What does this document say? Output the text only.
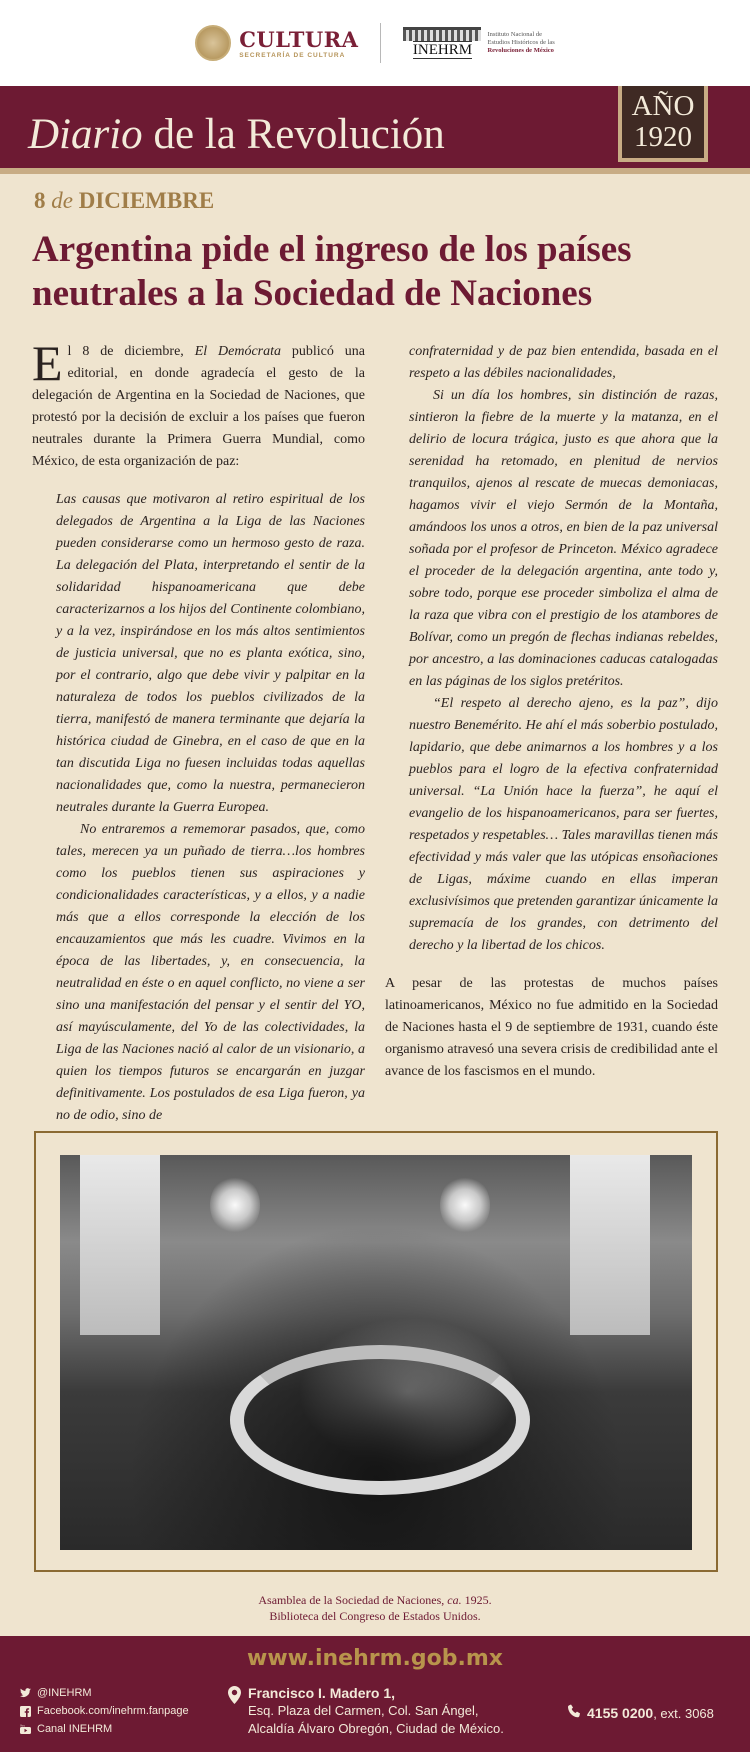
CULTURA
SECRETARÍA DE CULTURA	INEHRM
Instituto Nacional de
Estudios Históricos de las
Revoluciones de México
Diario de la Revolución
AÑO
1920
8 de DICIEMBRE
Argentina pide el ingreso de los países neutrales a la Sociedad de Naciones

El 8 de diciembre, El Demócrata publicó una editorial, en donde agradecía el gesto de la delegación de Argentina en la Sociedad de Naciones, que protestó por la decisión de excluir a los países que fueron neutrales durante la Primera Guerra Mundial, como México, de esta organización de paz:

Las causas que motivaron al retiro espiritual de los delegados de Argentina a la Liga de las Naciones pueden considerarse como un hermoso gesto de raza. La delegación del Plata, interpretando el sentir de la solidaridad hispanoamericana que debe caracterizarnos a los hijos del Continente colombiano, y a la vez, inspirándose en los más altos sentimientos de justicia universal, que no es planta exótica, sino, por el contrario, algo que debe vivir y palpitar en la naturaleza de todos los pueblos civilizados de la tierra, manifestó de manera terminante que dejaría la histórica ciudad de Ginebra, en el caso de que en la tan discutida Liga no fuesen incluidas todas aquellas nacionalidades que, como la nuestra, permanecieron neutrales durante la Guerra Europea.

No entraremos a rememorar pasados, que, como tales, merecen ya un puñado de tierra…los hombres como los pueblos tienen sus aspiraciones y condicionalidades características, y a ellos, y a nadie más que a ellos corresponde la elección de los encauzamientos que más les cuadre. Vivimos en la época de las libertades, y, en consecuencia, la neutralidad en éste o en aquel conflicto, no viene a ser sino una manifestación del pensar y el sentir del YO, así mayúsculamente, del Yo de las colectividades, la Liga de las Naciones nació al calor de un visionario, a quien los tiempos futuros se encargarán en juzgar definitivamente. Los postulados de esa Liga fueron, ya no de odio, sino de

confraternidad y de paz bien entendida, basada en el respeto a las débiles nacionalidades,

Si un día los hombres, sin distinción de razas, sintieron la fiebre de la muerte y la matanza, en el delirio de locura trágica, justo es que ahora que la serenidad ha retomado, en plenitud de nervios tranquilos, ajenos al rescate de muecas demoniacas, hagamos vivir el viejo Sermón de la Montaña, amándoos los unos a otros, en bien de la paz universal soñada por el profesor de Princeton. México agradece el proceder de la delegación argentina, ante todo y, sobre todo, porque ese proceder simboliza el alma de la raza que vibra con el prestigio de los atambores de Bolívar, como un pregón de flechas indianas rebeldes, por ancestro, a las dominaciones caducas catalogadas en las páginas de los siglos pretéritos.

“El respeto al derecho ajeno, es la paz”, dijo nuestro Benemérito. He ahí el más soberbio postulado, lapidario, que debe animarnos a los hombres y a los pueblos para el logro de la efectiva confraternidad universal. “La Unión hace la fuerza”, he aquí el evangelio de los hispanoamericanos, para ser fuertes, respetados y respetables… Tales maravillas tienen más efectividad y más valer que las utópicas ensoñaciones de Ligas, máxime cuando en ellas imperan exclusivísimos que pretenden garantizar únicamente la supremacía de los grandes, con detrimento del derecho y la libertad de los chicos.

A pesar de las protestas de muchos países latinoamericanos, México no fue admitido en la Sociedad de Naciones hasta el 9 de septiembre de 1931, cuando éste organismo atravesó una severa crisis de credibilidad ante el avance de los fascismos en el mundo.

Asamblea de la Sociedad de Naciones, ca. 1925.
Biblioteca del Congreso de Estados Unidos.
www.inehrm.gob.mx
@INEHRM
Facebook.com/inehrm.fanpage
You Canal INEHRM
Francisco I. Madero 1,
Esq. Plaza del Carmen, Col. San Ángel,
Alcaldía Álvaro Obregón, Ciudad de México.
4155 0200, ext. 3068
